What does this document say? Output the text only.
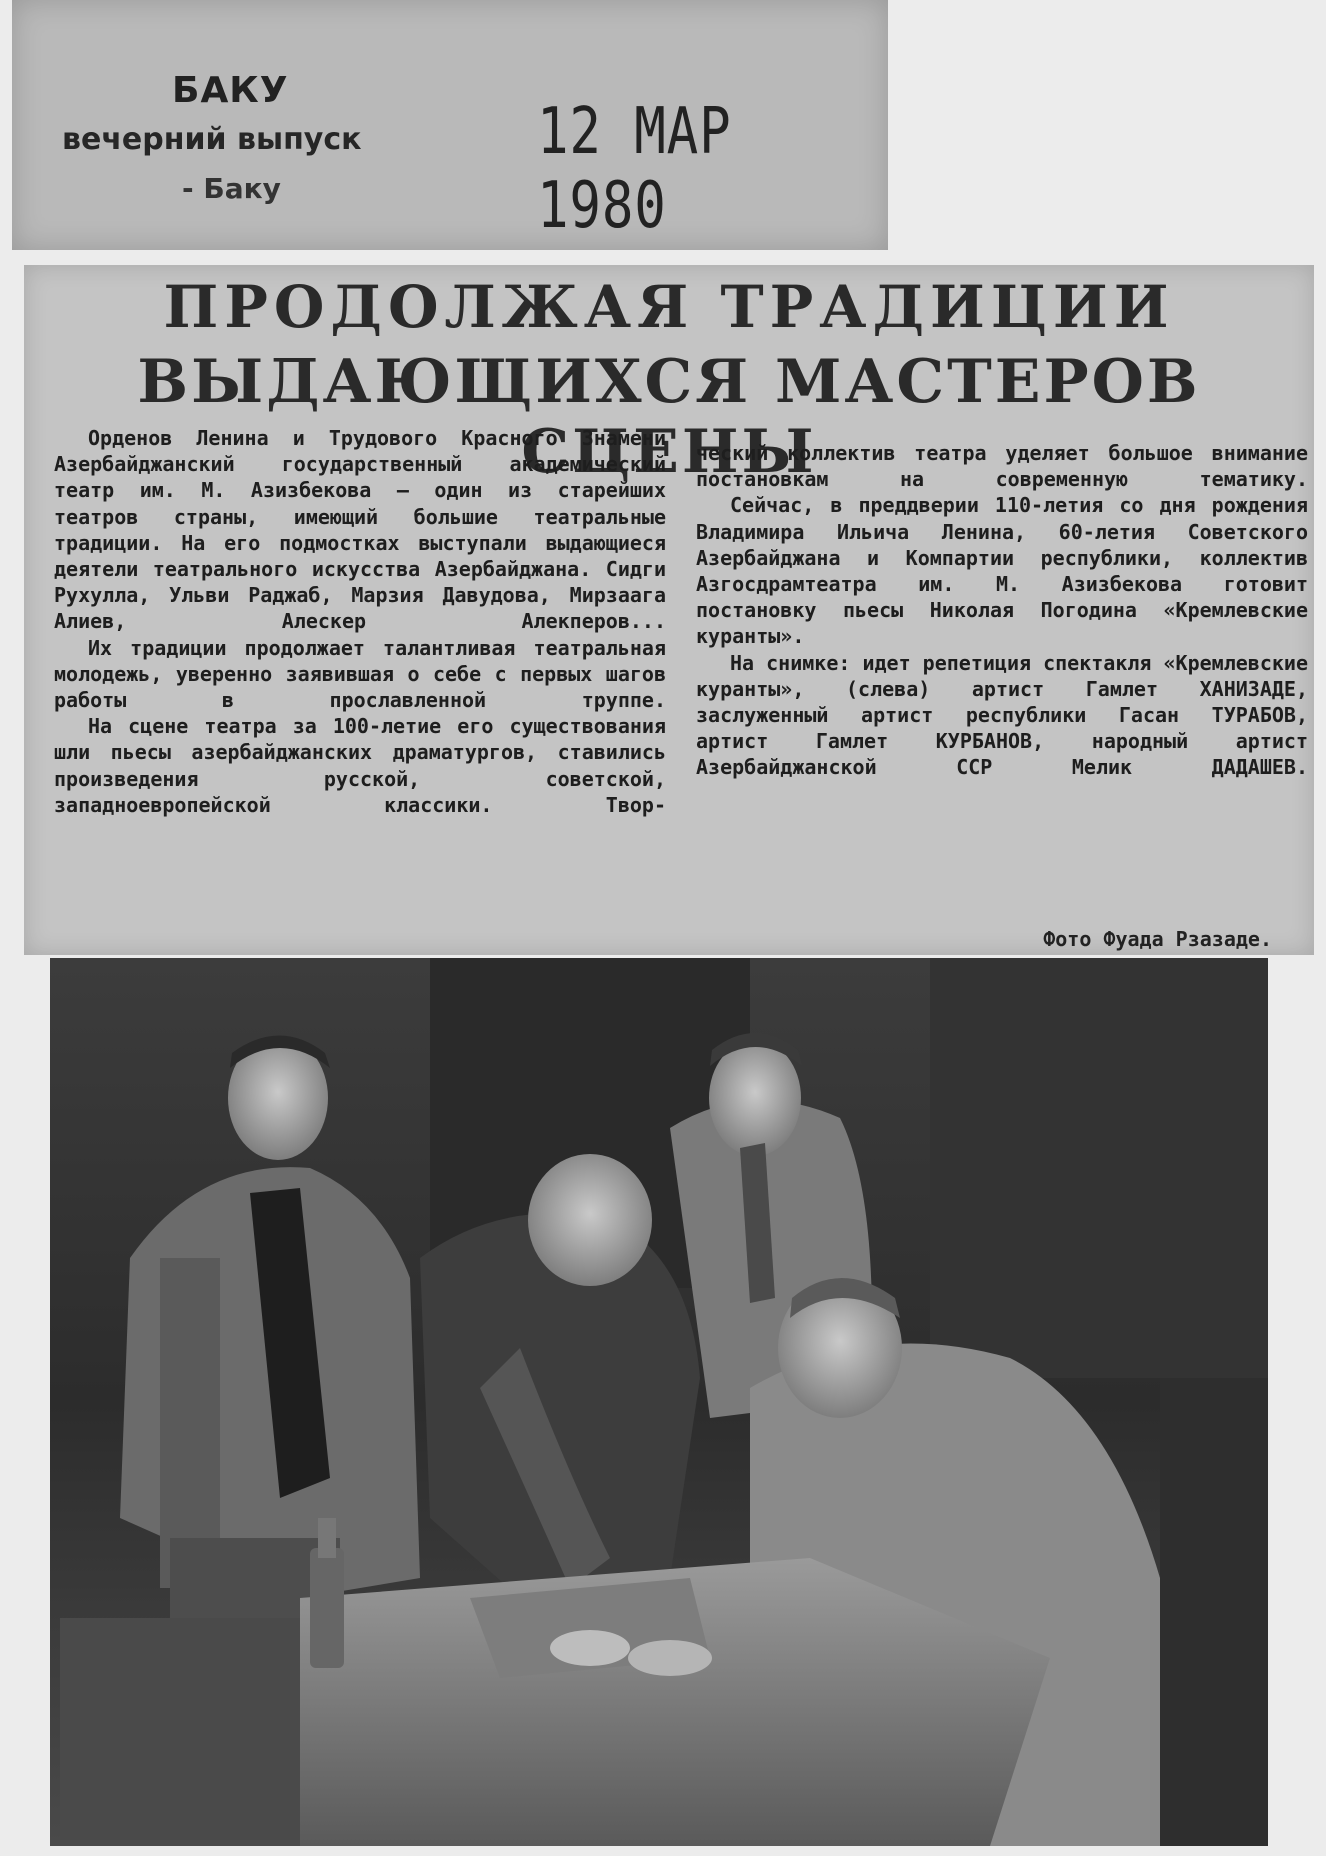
БАКУ
вечерний выпуск
- Баку
12 МАР 1980
ПРОДОЛЖАЯ ТРАДИЦИИ
ВЫДАЮЩИХСЯ МАСТЕРОВ СЦЕНЫ

Орденов Ленина и Трудового Красного Знамени Азербайджанский государственный академический театр им. М. Азизбекова — один из старейших театров страны, имеющий большие театральные традиции. На его подмостках выступали выдающиеся деятели театрального искусства Азербайджана. Сидги Рухулла, Ульви Раджаб, Марзия Давудова, Мирзаага Алиев, Алескер Алекперов...

Их традиции продолжает талантливая театральная молодежь, уверенно заявившая о себе с первых шагов работы в прославленной труппе.

На сцене театра за 100-летие его существования шли пьесы азербайджанских драматургов, ставились произведения русской, советской, западноевропейской классики. Твор-

ческий коллектив театра уделяет большое внимание постановкам на современную тематику.

Сейчас, в преддверии 110-летия со дня рождения Владимира Ильича Ленина, 60-летия Советского Азербайджана и Компартии республики, коллектив Азгосдрамтеатра им. М. Азизбекова готовит постановку пьесы Николая Погодина «Кремлевские куранты».

На снимке: идет репетиция спектакля «Кремлевские куранты», (слева) артист Гамлет ХАНИЗАДЕ, заслуженный артист республики Гасан ТУРАБОВ, артист Гамлет КУРБАНОВ, народный артист Азербайджанской ССР Мелик ДАДАШЕВ.

Фото Фуада Рзазаде.
